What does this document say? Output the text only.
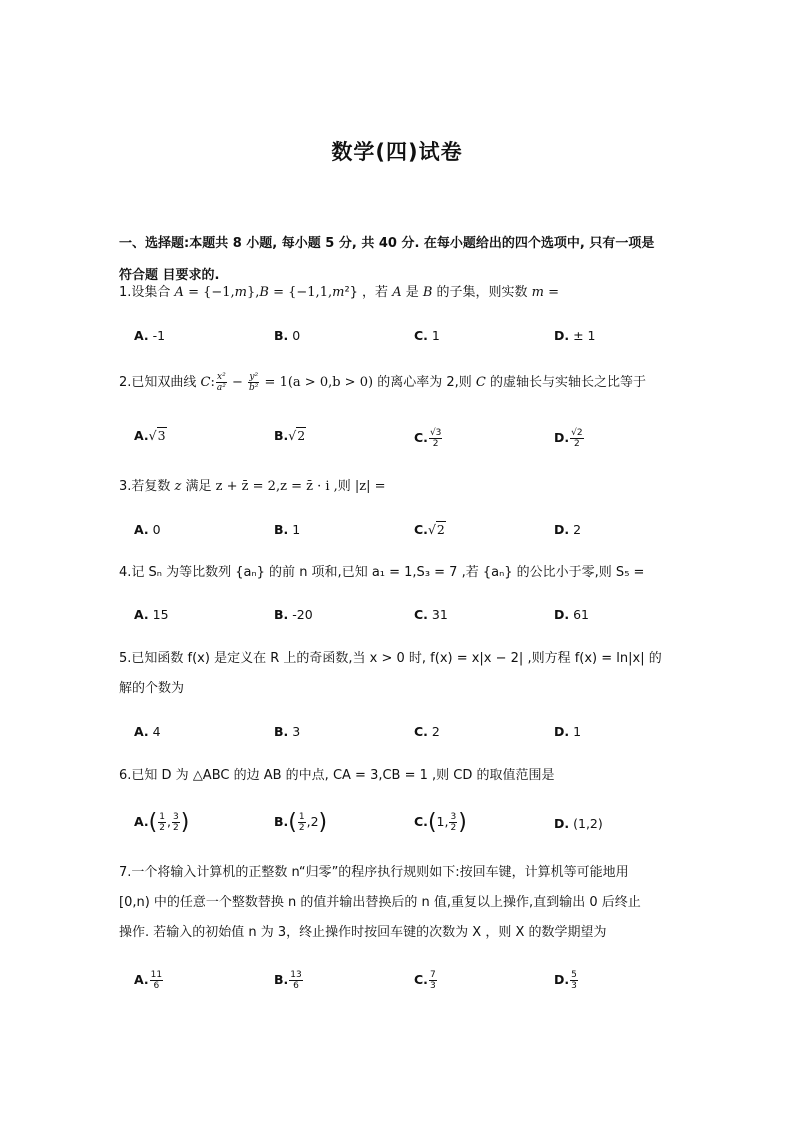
数学(四)试卷
一、选择题:本题共 8 小题, 每小题 5 分, 共 40 分. 在每小题给出的四个选项中, 只有一项是
符合题 目要求的.
1.设集合 A = {−1,m},B = {−1,1,m²} ，若 A 是 B 的子集，则实数 m =
A. -1	B. 0	C. 1	D. ± 1
2.已知双曲线 C: $\frac{\text{x²}}{\text{a²}} - \frac{\text{y²}}{\text{b²}} = 1(a > 0,b > 0)$ 的离心率为 2,则 C 的虚轴长与实轴长之比等于
A.√3	B.√2	C. $\frac{√3}{2}$	D. $\frac{√2}{2}$
3.若复数 z 满足 z + z̄ = 2,z = z̄ · i ,则 |z| =
A. 0	B. 1	C.√2	D. 2
4.记 Sₙ 为等比数列 {aₙ} 的前 n 项和,已知 a₁ = 1,S₃ = 7 ,若 {aₙ} 的公比小于零,则 S₅ =
A. 15	B. -20	C. 31	D. 61
5.已知函数 f(x) 是定义在 R 上的奇函数,当 x > 0 时, f(x) = x|x − 2| ,则方程 f(x) = ln|x| 的
解的个数为
A. 4	B. 3	C. 2	D. 1
6.已知 D 为 △ABC 的边 AB 的中点, CA = 3,CB = 1 ,则 CD 的取值范围是
$A.( \frac{1}{2}$ , $\frac{3}{2}$ )	$B.( \frac{1}{2} ,2)$	C.(1, $\frac{3}{2}$ )	D. (1,2)
7.一个将输入计算机的正整数 n“归零”的程序执行规则如下:按回车键，计算机等可能地用
[0,n) 中的任意一个整数替换 n 的值并输出替换后的 n 值,重复以上操作,直到输出 0 后终止
操作. 若输入的初始值 n 为 3，终止操作时按回车键的次数为 X ，则 X 的数学期望为
A. $\frac{11}{6}$	B. $\frac{13}{6}$	C. $\frac{7}{3}$	D. $\frac{5}{3}$
